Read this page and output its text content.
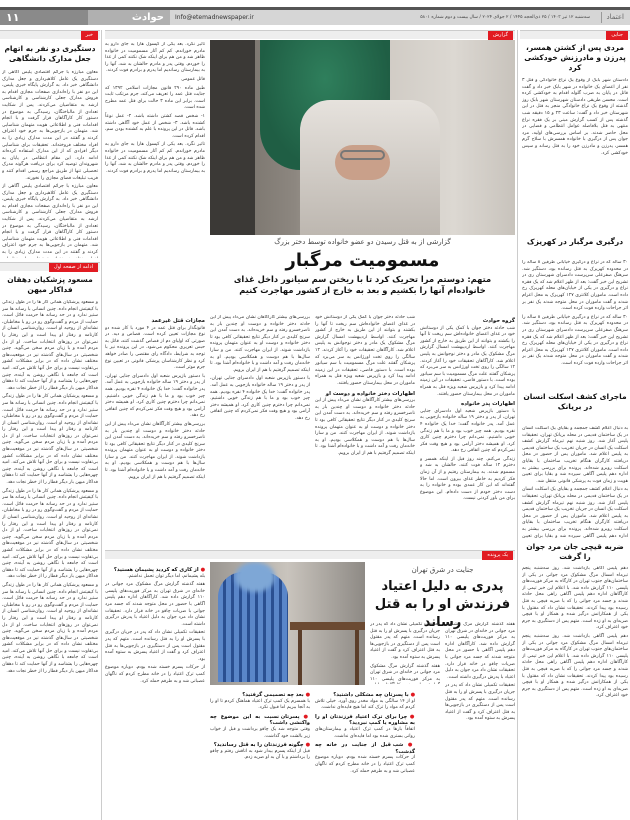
۱۱	حوادث	Info@etemadnewspaper.ir	سه‌شنبه ۱۲ تیر ۱۴۰۳ / ۲۵ ذی‌الحجه ۱۴۴۵ / ۲ جولای ۲۰۲۴ / سال بیست و دوم شماره ۵۸۰۱	اعتماد
خبر
دستگیری دو نفر به اتهام جعل مدارک دانشگاهی

معاون مبارزه با جرائم اقتصادی پلیس آگاهی از دستگیری یک عامل کلاهبرداری و جعل مدارک دانشگاهی خبر داد. به گزارش پایگاه خبری پلیس، این دو نفر با راه‌اندازی صفحات مجازی اقدام به فروش مدارک جعلی کارشناسی و کارشناسی ارشد به متقاضیان می‌کردند. پس از شکایت تعدادی از مالباختگان، رسیدگی به موضوع در دستور کار کارآگاهان قرار گرفت و با انجام اقدامات فنی و اطلاعاتی هویت متهمان شناسایی شد. متهمان در بازجویی‌ها به جرم خود اعتراف کردند و گفتند در این مدت مدارک زیادی را به افراد مختلف فروخته‌اند. تحقیقات برای شناسایی دیگر افرادی که از این مدارک استفاده کرده‌اند ادامه دارد. این مقام انتظامی در پایان به شهروندان توصیه کرد برای دریافت هرگونه مدرک تحصیلی تنها از طریق مراجع رسمی اقدام کنند و فریب تبلیغات فضای مجازی را نخورند.

معاون مبارزه با جرائم اقتصادی پلیس آگاهی از دستگیری یک عامل کلاهبرداری و جعل مدارک دانشگاهی خبر داد. به گزارش پایگاه خبری پلیس، این دو نفر با راه‌اندازی صفحات مجازی اقدام به فروش مدارک جعلی کارشناسی و کارشناسی ارشد به متقاضیان می‌کردند. پس از شکایت تعدادی از مالباختگان، رسیدگی به موضوع در دستور کار کارآگاهان قرار گرفت و با انجام اقدامات فنی و اطلاعاتی هویت متهمان شناسایی شد. متهمان در بازجویی‌ها به جرم خود اعتراف کردند و گفتند در این مدت مدارک زیادی را به

ادامه از صفحه اول
مسعود پزشکیان دهقان فداکار میهن

و مسعود پزشکیان همانی کار ها را در طول زندگی با کیفیتش انجام داده. چنین انسانی با رسانه ها سر ستیز ندارد و در حد رسانه ها حرمت قائل است. حمایت از مردم و گفت‌وگوی رو در رو با مخاطبان، نشانه‌ای از روحیه او است. روان‌شناسی انسان از کارنامه و رفتار او پیدا است و این رفتار را نمی‌توان در روزهای انتخابات ساخت. او از دل مردم آمده و با زبان مردم سخن می‌گوید. چنین شخصیتی در سال‌های گذشته نیز در موقعیت‌های مختلف نشان داده که در برابر مشکلات کشور بی‌تفاوت نیست و برای حل آنها تلاش می‌کند. امید است که جامعه با نگاهی روشن به آینده، چنین چهره‌هایی را بشناسد و از آنها حمایت کند تا دهقان فداکار میهن بار دیگر قطار را از خطر نجات دهد.

و مسعود پزشکیان همانی کار ها را در طول زندگی با کیفیتش انجام داده. چنین انسانی با رسانه ها سر ستیز ندارد و در حد رسانه ها حرمت قائل است. حمایت از مردم و گفت‌وگوی رو در رو با مخاطبان، نشانه‌ای از روحیه او است. روان‌شناسی انسان از کارنامه و رفتار او پیدا است و این رفتار را نمی‌توان در روزهای انتخابات ساخت. او از دل مردم آمده و با زبان مردم سخن می‌گوید. چنین شخصیتی در سال‌های گذشته نیز در موقعیت‌های مختلف نشان داده که در برابر مشکلات کشور بی‌تفاوت نیست و برای حل آنها تلاش می‌کند. امید است که جامعه با نگاهی روشن به آینده، چنین چهره‌هایی را بشناسد و از آنها حمایت کند تا دهقان فداکار میهن بار دیگر قطار را از خطر نجات دهد.

و مسعود پزشکیان همانی کار ها را در طول زندگی با کیفیتش انجام داده. چنین انسانی با رسانه ها سر ستیز ندارد و در حد رسانه ها حرمت قائل است. حمایت از مردم و گفت‌وگوی رو در رو با مخاطبان، نشانه‌ای از روحیه او است. روان‌شناسی انسان از کارنامه و رفتار او پیدا است و این رفتار را نمی‌توان در روزهای انتخابات ساخت. او از دل مردم آمده و با زبان مردم سخن می‌گوید. چنین شخصیتی در سال‌های گذشته نیز در موقعیت‌های مختلف نشان داده که در برابر مشکلات کشور بی‌تفاوت نیست و برای حل آنها تلاش می‌کند. امید است که جامعه با نگاهی روشن به آینده، چنین چهره‌هایی را بشناسد و از آنها حمایت کند تا دهقان فداکار میهن بار دیگر قطار را از خطر نجات دهد.

و مسعود پزشکیان همانی کار ها را در طول زندگی با کیفیتش انجام داده. چنین انسانی با رسانه ها سر ستیز ندارد و در حد رسانه ها حرمت قائل است. حمایت از مردم و گفت‌وگوی رو در رو با مخاطبان، نشانه‌ای از روحیه او است. روان‌شناسی انسان از کارنامه و رفتار او پیدا است و این رفتار را نمی‌توان در روزهای انتخابات ساخت. او از دل مردم آمده و با زبان مردم سخن می‌گوید. چنین شخصیتی در سال‌های گذشته نیز در موقعیت‌های مختلف نشان داده که در برابر مشکلات کشور بی‌تفاوت نیست و برای حل آنها تلاش می‌کند. امید است که جامعه با نگاهی روشن به آینده، چنین چهره‌هایی را بشناسد و از آنها حمایت کند تا دهقان فداکار میهن بار دیگر قطار را از خطر نجات دهد.

گزارش

تاثیر نگرد. بعد یکی از کپسول هارا به جای دارو به مادرم خوراندم. کم کم آثار مسمومیت در خانواده ظاهر شد و من هم برای اینکه شک نکنند کمی از غذا را خوردم. وقتی پدر و مادرم حالشان بد شد، آنها را به بیمارستان رساندیم اما پدرم و برادرم فوت کردند.

قاتل عمومی

طبق ماده ۲۹۰ قانون مجازات اسلامی ۱۳۹۲ که جنایت قتل عمد را تعریف می‌کند، جرم مرتکب ثابت است. برابر این ماده ۳ حالت برای قتل عمد مطرح شده است.

۱- شخص قصد کشتن داشته باشد. ۲- عمل نوعاً کشنده باشد. ۳- شخص از عمل خود آگاهی داشته باشد. قاتل در این پرونده با علم به کشنده بودن سم، اقدام کرده است.

تاثیر نگرد. بعد یکی از کپسول هارا به جای دارو به مادرم خوراندم. کم کم آثار مسمومیت در خانواده ظاهر شد و من هم برای اینکه شک نکنند کمی از غذا را خوردم. وقتی پدر و مادرم حالشان بد شد، آنها را به بیمارستان رساندیم اما پدرم و برادرم فوت کردند.

گزارشی از به قتل رسیدن دو عضو خانواده توسط دختر بزرگ
مسمومیت مرگبار
متهم: دوستم مرا تحریک کرد تا با ریختن سم سیانور داخل غذای خانواده‌ام آنها را بکشیم و بعد به خارج از کشور مهاجرت کنیم
مجازات قتل غیرعمد

قانونگذار برای قتل عمد در ۴ مورد با کار شده دو نوع مجازات تعیین کرده است. قصاص و دیه. در صورتی که اولیای دم از قصاص گذشت کنند، قاتل به حبس تعزیری محکوم می‌شود. در این پرونده نیز با توجه به شرایط، دادگاه رای مقتضی را صادر خواهد کرد و نظر کارشناسان پزشکی قانونی در تعیین نوع جرم موثر است.

با دستور بازپرس شعبه اول دادسرای جنایی تهران، از پدر و دختر ۱۹ ساله خانواده بازجویی به عمل آمد. پدر خانواده گفت: خدا یک خانواده ۴ نفره بودیم. همه چیز خوب بود و ما با هم زندگی خوبی داشتیم. نمی‌دانم چرا دخترم چنین کاری کرد. او همیشه دختر آرامی بود و هیچ وقت فکر نمی‌کردم که چنین اتفاقی رخ دهد.

بررسی‌های بیشتر کارآگاهان نشان می‌داد پیش از این حادثه دختر خانواده و دوست او چندین بار به ناصرخسرو رفته و سم خریده‌اند. به دست آمدن این سرنخ کلیدی در کنار دیگر نتایج تحقیقاتی کافی بود تا دختر خانواده و دوست او به عنوان متهمان پرونده بازداشت شوند. از ایران مهاجرت کنند. من و سارا سال‌ها با هم دوست و همکلاسی بودیم. او به خانه‌مان رفت و آمد داشت و با خانواده‌ام آشنا بود. تا اینکه تصمیم گرفتیم با هم از ایران برویم.

بررسی‌های بیشتر کارآگاهان نشان می‌داد پیش از این حادثه دختر خانواده و دوست او چندین بار به ناصرخسرو رفته و سم خریده‌اند. به دست آمدن این سرنخ کلیدی در کنار دیگر نتایج تحقیقاتی کافی بود تا دختر خانواده و دوست او به عنوان متهمان پرونده بازداشت شوند. از ایران مهاجرت کنند. من و سارا سال‌ها با هم دوست و همکلاسی بودیم. او به خانه‌مان رفت و آمد داشت و با خانواده‌ام آشنا بود. تا اینکه تصمیم گرفتیم با هم از ایران برویم.

با دستور بازپرس شعبه اول دادسرای جنایی تهران، از پدر و دختر ۱۹ ساله خانواده بازجویی به عمل آمد. پدر خانواده گفت: خدا یک خانواده ۴ نفره بودیم. همه چیز خوب بود و ما با هم زندگی خوبی داشتیم. نمی‌دانم چرا دخترم چنین کاری کرد. او همیشه دختر آرامی بود و هیچ وقت فکر نمی‌کردم که چنین اتفاقی رخ دهد.

شب حادثه دختر جوان با کمک یکی از دوستانش خود در غذای اعضای خانواده‌اش سم ریخت تا آنها را بکشند و بتوانند از این طریق به خارج از کشور مهاجرت کنند. اواسط اردیبهشت امسال گزارش مرگ مشکوک یک مادر و دختر نوجوانش به پلیس اعلام شد. کارآگاهان تحقیقات خود را آغاز کردند. ۱۲ سالگی را روی تخت اورژانس به سر می‌برد که پزشکان گفتند علت مرگ مسمومیت با سم سیانور بوده است. با دستور قاضی، تحقیقات در این زمینه ادامه پیدا کرد و بازپرس شعبه ویژه قتل به همراه ماموران در محل بیمارستان حضور یافتند.

اظهارات دختر خانواده و دوست او

بررسی‌های بیشتر کارآگاهان نشان می‌داد پیش از این حادثه دختر خانواده و دوست او چندین بار به ناصرخسرو رفته و سم خریده‌اند. به دست آمدن این سرنخ کلیدی در کنار دیگر نتایج تحقیقاتی کافی بود تا دختر خانواده و دوست او به عنوان متهمان پرونده بازداشت شوند. از ایران مهاجرت کنند. من و سارا سال‌ها با هم دوست و همکلاسی بودیم. او به خانه‌مان رفت و آمد داشت و با خانواده‌ام آشنا بود. تا اینکه تصمیم گرفتیم با هم از ایران برویم.

گروه حوادث

شب حادثه دختر جوان با کمک یکی از دوستانش خود در غذای اعضای خانواده‌اش سم ریخت تا آنها را بکشند و بتوانند از این طریق به خارج از کشور مهاجرت کنند. اواسط اردیبهشت امسال گزارش مرگ مشکوک یک مادر و دختر نوجوانش به پلیس اعلام شد. کارآگاهان تحقیقات خود را آغاز کردند. ۱۲ سالگی را روی تخت اورژانس به سر می‌برد که پزشکان گفتند علت مرگ مسمومیت با سم سیانور بوده است. با دستور قاضی، تحقیقات در این زمینه ادامه پیدا کرد و بازپرس شعبه ویژه قتل به همراه ماموران در محل بیمارستان حضور یافتند.

اظهارات پدر خانواده

با دستور بازپرس شعبه اول دادسرای جنایی تهران، از پدر و دختر ۱۹ ساله خانواده بازجویی به عمل آمد. پدر خانواده گفت: خدا یک خانواده ۴ نفره بودیم. همه چیز خوب بود و ما با هم زندگی خوبی داشتیم. نمی‌دانم چرا دخترم چنین کاری کرد. او همیشه دختر آرامی بود و هیچ وقت فکر نمی‌کردم که چنین اتفاقی رخ دهد.

زندگی می‌کنم. چند روز قبل از اینکه همسر و دخترم ۱۲ ساله فوت کنند، حالشان بد شد و مسموم شدند. به بیمارستان رفتیم و از آن زمان فکر کردیم به خاطر غذای بیرون است. اما حالا گفته‌اند که این کار عمدی بوده و خانواده را به دست دختر خودم از دست داده‌ام. این موضوع برای من باور کردنی نیست.

یک پرونده
جنایت در شرق تهران
پدری به دلیل اعتیاد فرزندش او را به قتل رساند

هفته گذشته گزارش مرگ مشکوک مرد جوانی در خانه‌ای در شرق تهران به مرکز فوریت‌های پلیسی ۱۱۰ گزارش داده شد. کارآگاهان اداره دهم پلیس آگاهی با حضور در محل متوجه شدند که جسد مرد جوانی با ضربات چاقو در خانه قرار دارد. تحقیقات نشان داد مرد جوان به دلیل اعتیاد با پدرش درگیری داشته است.

تحقیقات تکمیلی نشان داد که پدر در جریان درگیری با پسرش او را به قتل رسانده است. متهم که پدر مقتول است پس از دستگیری در بازجویی‌ها به قتل اعتراف کرد و گفت از اعتیاد پسرش به ستوه آمده بود.

تحقیقات تکمیلی نشان داد که پدر در جریان درگیری با پسرش او را به قتل رسانده است. متهم که پدر مقتول است پس از دستگیری در بازجویی‌ها به قتل اعتراف کرد و گفت از اعتیاد پسرش به ستوه آمده بود.

هفته گذشته گزارش مرگ مشکوک مرد جوانی در خانه‌ای در شرق تهران به مرکز فوریت‌های پلیسی ۱۱۰

● با پسرتان چه مشکلی داشتید؟

او از ۱۴ سالگی به مواد مخدر روی آورد. خیلی تلاش کردم که مواد را ترک کند اما هیچ فایده‌ای نداشت.

● چرا برای ترک اعتیاد فرزندتان او را به مشاوره یا کمپ نبردید؟

اتفاقاً بارها در کمپ ترک اعتیاد و بیمارستان‌های روانی بستری شده بود اما فایده‌ای نداشت.

● شب قبل از جنایت در خانه چه گذشت؟

از حرکات پسرم خسته شده بودم. دوباره موضوع کمپ ترک اعتیاد را در خانه مطرح کردم که ناگهان عصبانی شد و به طرفم حمله کرد.

● بعد چه تصمیمی گرفتید؟

با همسرم یک کمپ ترک اعتیاد هماهنگ کردم تا او را به آنجا ببریم اما قبول نکرد.

● پسرتان نسبت به این موضوع چه واکنشی داشت؟

وقتی متوجه شد یک چاقو برداشت و قبل از خواب زیر بالشت خود گذاشت.

● چگونه فرزندتان را به قتل رساندید؟

قبل از اینکه پسرم بیدار شود به اتاقش رفتم و چاقو را برداشتم و با آن به او ضربه زدم.

● از کاری که کردید پشیمان هستید؟

بله پشیمانم، اما دیگر توان تحمل نداشتم.

هفته گذشته گزارش مرگ مشکوک مرد جوانی در خانه‌ای در شرق تهران به مرکز فوریت‌های پلیسی ۱۱۰ گزارش داده شد. کارآگاهان اداره دهم پلیس آگاهی با حضور در محل متوجه شدند که جسد مرد جوانی با ضربات چاقو در خانه قرار دارد. تحقیقات نشان داد مرد جوان به دلیل اعتیاد با پدرش درگیری داشته است.

تحقیقات تکمیلی نشان داد که پدر در جریان درگیری با پسرش او را به قتل رسانده است. متهم که پدر مقتول است پس از دستگیری در بازجویی‌ها به قتل اعتراف کرد و گفت از اعتیاد پسرش به ستوه آمده بود.

از حرکات پسرم خسته شده بودم. دوباره موضوع کمپ ترک اعتیاد را در خانه مطرح کردم که ناگهان عصبانی شد و به طرفم حمله کرد.

جنایی
مردی پس از کشتن همسر، پدرزن و مادرزنش خودکشی کرد
دادستان شهر بابک از وقوع یک نزاع خانوادگی و قتل ۳ نفر از اعضای یک خانواده در شهر بابک خبر داد و گفت قاتل در پایان به ضرب گلوله اقدام به خودکشی کرده است. محسن طریقی دادستان شهرستان شهر بابک روز گذشته از وقوع یک نزاع خانوادگی منجر به قتل در این شهرستان خبر داد و گفت: ساعت ۲۳ و ۱۵ دقیقه شب گذشته پس از کسب گزارش مبنی بر یک فقره نزاع منتهی به قتل بلافاصله عوامل انتظامی و قضایی در محل حاضر شدند. بر اساس بررسی‌های اولیه، مرد جوان پس از درگیری با خانواده همسرش با سلاح گرم همسر، پدرزن و مادرزن خود را به قتل رساند و سپس خودکشی کرد.
درگیری مرگبار در کهریزک

۳۰ ساله که در نزاع و درگیری خیابانی طرفین ۸ ساله را در محدوده کهریزک به قتل رسانده بود، دستگیر شد. سرهنگ صفرعلی سرپرست دادسرای شهرستان ری در تشریح این خبر گفت: بعد از ظهر اعلام شد که یک فقره نزاع و درگیری در یکی از خیابان‌های محله کهریزک رخ داده است. ماموران کلانتری ۱۲۷ کهریزک به محل اعزام شدند و گفت ماموران در محل متوجه شدند یک نفر بر اثر جراحات وارده فوت کرده است.

۳۰ ساله که در نزاع و درگیری خیابانی طرفین ۸ ساله را در محدوده کهریزک به قتل رسانده بود، دستگیر شد. سرهنگ صفرعلی سرپرست دادسرای شهرستان ری در تشریح این خبر گفت: بعد از ظهر اعلام شد که یک فقره نزاع و درگیری در یکی از خیابان‌های محله کهریزک رخ داده است. ماموران کلانتری ۱۲۷ کهریزک به محل اعزام شدند و گفت ماموران در محل متوجه شدند یک نفر بر اثر جراحات وارده فوت کرده است.

ماجرای کشف اسکلت انسان در بریانک

به دنبال اعلام کشف جمجمه و بقایای یک اسکلت انسان در یک ساختمان قدیمی در محله بریانک تهران، تحقیقات پلیس آغاز شد. روز شنبه نهم تیرماه گزارش کشف اسکلت یک انسان در جریان تخریب یک ساختمان قدیمی به پلیس اعلام شد. ماموران پس از حضور در محل دریافتند کارگران هنگام تخریب ساختمان با بقایای اسکلت روبرو شده‌اند. پرونده برای بررسی بیشتر به اداره دهم پلیس آگاهی سپرده شد و بقایا برای تعیین هویت و زمان فوت به پزشکی قانونی منتقل شد.

به دنبال اعلام کشف جمجمه و بقایای یک اسکلت انسان در یک ساختمان قدیمی در محله بریانک تهران، تحقیقات پلیس آغاز شد. روز شنبه نهم تیرماه گزارش کشف اسکلت یک انسان در جریان تخریب یک ساختمان قدیمی به پلیس اعلام شد. ماموران پس از حضور در محل دریافتند کارگران هنگام تخریب ساختمان با بقایای اسکلت روبرو شده‌اند. پرونده برای بررسی بیشتر به اداره دهم پلیس آگاهی سپرده شد و بقایا برای تعیین

ضربه قیچی جان مرد جوان را گرفت

دهم پلیس آگاهی بازداشت شد. روز سه‌شنبه پنجم تیرماه امسال مرگ مشکوک مرد جوانی در یکی از ساختمان‌های جنوب تهران در کارگاه به مرکز فوریت‌های پلیسی ۱۱۰ گزارش داده شد. با اعلام این خبر تیمی از کارآگاهان اداره دهم پلیس آگاهی راهی محل حادثه شدند و جسد مرد جوانی را که با ضربه قیچی به قتل رسیده بود پیدا کردند. تحقیقات نشان داد که مقتول با یکی از همکارانش درگیر شده و همکار او با قیچی ضربه‌ای به او زده است. متهم پس از دستگیری به جرم خود اعتراف کرد.

دهم پلیس آگاهی بازداشت شد. روز سه‌شنبه پنجم تیرماه امسال مرگ مشکوک مرد جوانی در یکی از ساختمان‌های جنوب تهران در کارگاه به مرکز فوریت‌های پلیسی ۱۱۰ گزارش داده شد. با اعلام این خبر تیمی از کارآگاهان اداره دهم پلیس آگاهی راهی محل حادثه شدند و جسد مرد جوانی را که با ضربه قیچی به قتل رسیده بود پیدا کردند. تحقیقات نشان داد که مقتول با یکی از همکارانش درگیر شده و همکار او با قیچی ضربه‌ای به او زده است. متهم پس از دستگیری به جرم خود اعتراف کرد.
